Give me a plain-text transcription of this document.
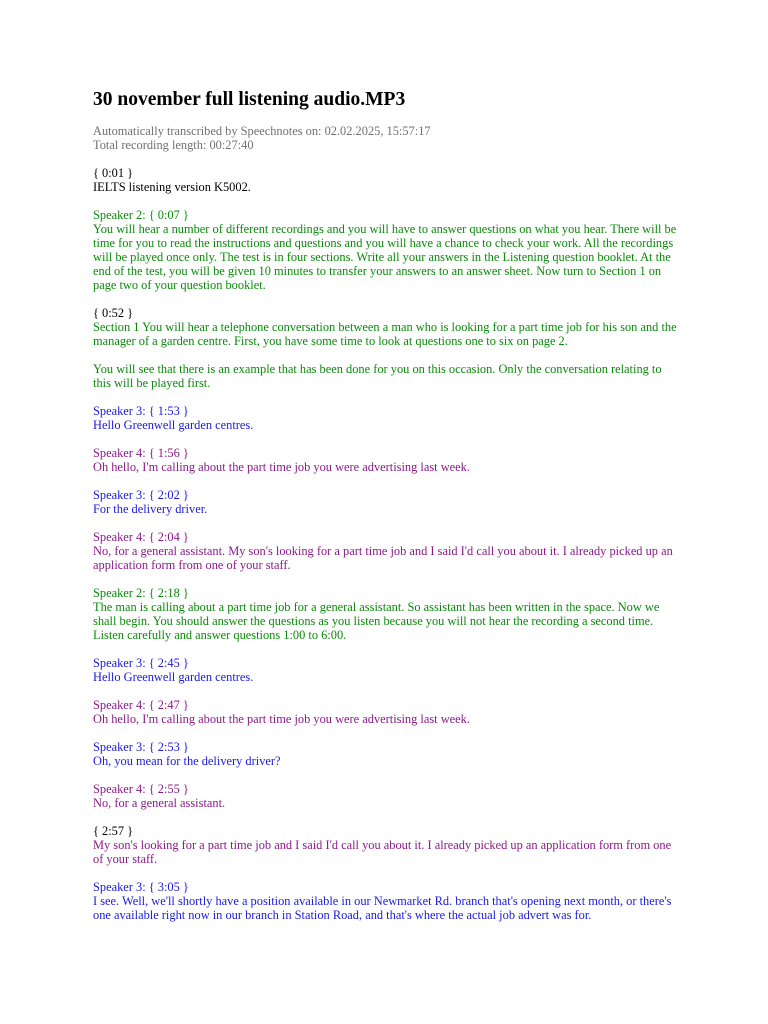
30 november full listening audio.MP3
Automatically transcribed by Speechnotes on: 02.02.2025, 15:57:17
Total recording length: 00:27:40
{ 0:01 }
IELTS listening version K5002.
Speaker 2: { 0:07 }
You will hear a number of different recordings and you will have to answer questions on what you hear. There will be time for you to read the instructions and questions and you will have a chance to check your work. All the recordings will be played once only. The test is in four sections. Write all your answers in the Listening question booklet. At the end of the test, you will be given 10 minutes to transfer your answers to an answer sheet. Now turn to Section 1 on page two of your question booklet.
{ 0:52 }
Section 1 You will hear a telephone conversation between a man who is looking for a part time job for his son and the manager of a garden centre. First, you have some time to look at questions one to six on page 2.
You will see that there is an example that has been done for you on this occasion. Only the conversation relating to this will be played first.
Speaker 3: { 1:53 }
Hello Greenwell garden centres.
Speaker 4: { 1:56 }
Oh hello, I'm calling about the part time job you were advertising last week.
Speaker 3: { 2:02 }
For the delivery driver.
Speaker 4: { 2:04 }
No, for a general assistant. My son's looking for a part time job and I said I'd call you about it. I already picked up an application form from one of your staff.
Speaker 2: { 2:18 }
The man is calling about a part time job for a general assistant. So assistant has been written in the space. Now we shall begin. You should answer the questions as you listen because you will not hear the recording a second time. Listen carefully and answer questions 1:00 to 6:00.
Speaker 3: { 2:45 }
Hello Greenwell garden centres.
Speaker 4: { 2:47 }
Oh hello, I'm calling about the part time job you were advertising last week.
Speaker 3: { 2:53 }
Oh, you mean for the delivery driver?
Speaker 4: { 2:55 }
No, for a general assistant.
{ 2:57 }
My son's looking for a part time job and I said I'd call you about it. I already picked up an application form from one of your staff.
Speaker 3: { 3:05 }
I see. Well, we'll shortly have a position available in our Newmarket Rd. branch that's opening next month, or there's one available right now in our branch in Station Road, and that's where the actual job advert was for.
